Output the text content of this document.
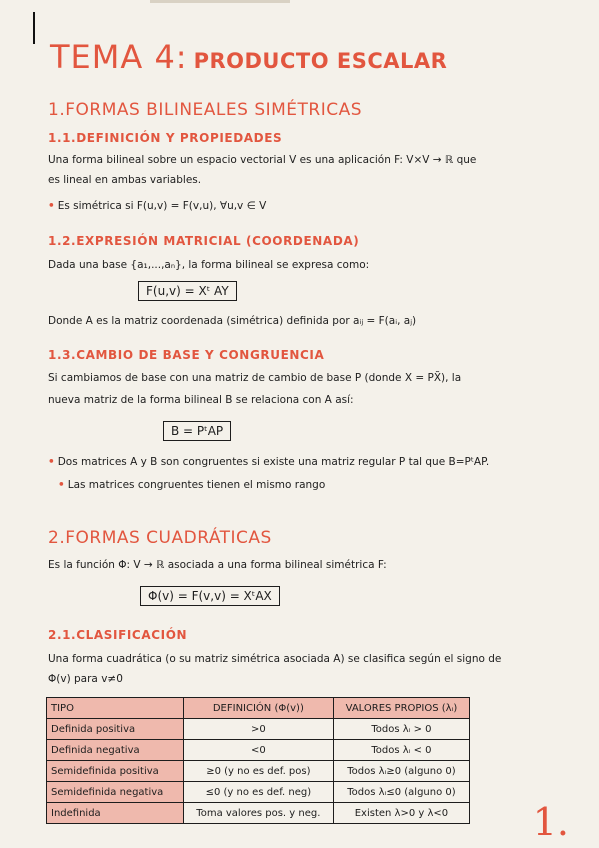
TEMA 4: PRODUCTO ESCALAR
1.FORMAS BILINEALES SIMÉTRICAS
1.1.DEFINICIÓN Y PROPIEDADES
Una forma bilineal sobre un espacio vectorial V es una aplicación F: V×V → ℝ que
es lineal en ambas variables.
• Es simétrica si F(u,v) = F(v,u), ∀u,v ∈ V
1.2.EXPRESIÓN MATRICIAL (COORDENADA)
Dada una base {a₁,...,aₙ}, la forma bilineal se expresa como:
F(u,v) = Xᵗ AY
Donde A es la matriz coordenada (simétrica) definida por aᵢⱼ = F(aᵢ, aⱼ)
1.3.CAMBIO DE BASE Y CONGRUENCIA
Si cambiamos de base con una matriz de cambio de base P (donde X = PX̃), la
nueva matriz de la forma bilineal B se relaciona con A así:
B = PᵗAP
• Dos matrices A y B son congruentes si existe una matriz regular P tal que B=PᵗAP.
• Las matrices congruentes tienen el mismo rango
2.FORMAS CUADRÁTICAS
Es la función Φ: V → ℝ asociada a una forma bilineal simétrica F:
Φ(v) = F(v,v) = XᵗAX
2.1.CLASIFICACIÓN
Una forma cuadrática (o su matriz simétrica asociada A) se clasifica según el signo de
Φ(v) para v≠0
TIPO	DEFINICIÓN (Φ(v))	VALORES PROPIOS (λᵢ)
Definida positiva	>0	Todos λᵢ > 0
Definida negativa	<0	Todos λᵢ < 0
Semidefinida positiva	≥0 (y no es def. pos)	Todos λᵢ≥0 (alguno 0)
Semidefinida negativa	≤0 (y no es def. neg)	Todos λᵢ≤0 (alguno 0)
Indefinida	Toma valores pos. y neg.	Existen λ>0 y λ<0 1.
